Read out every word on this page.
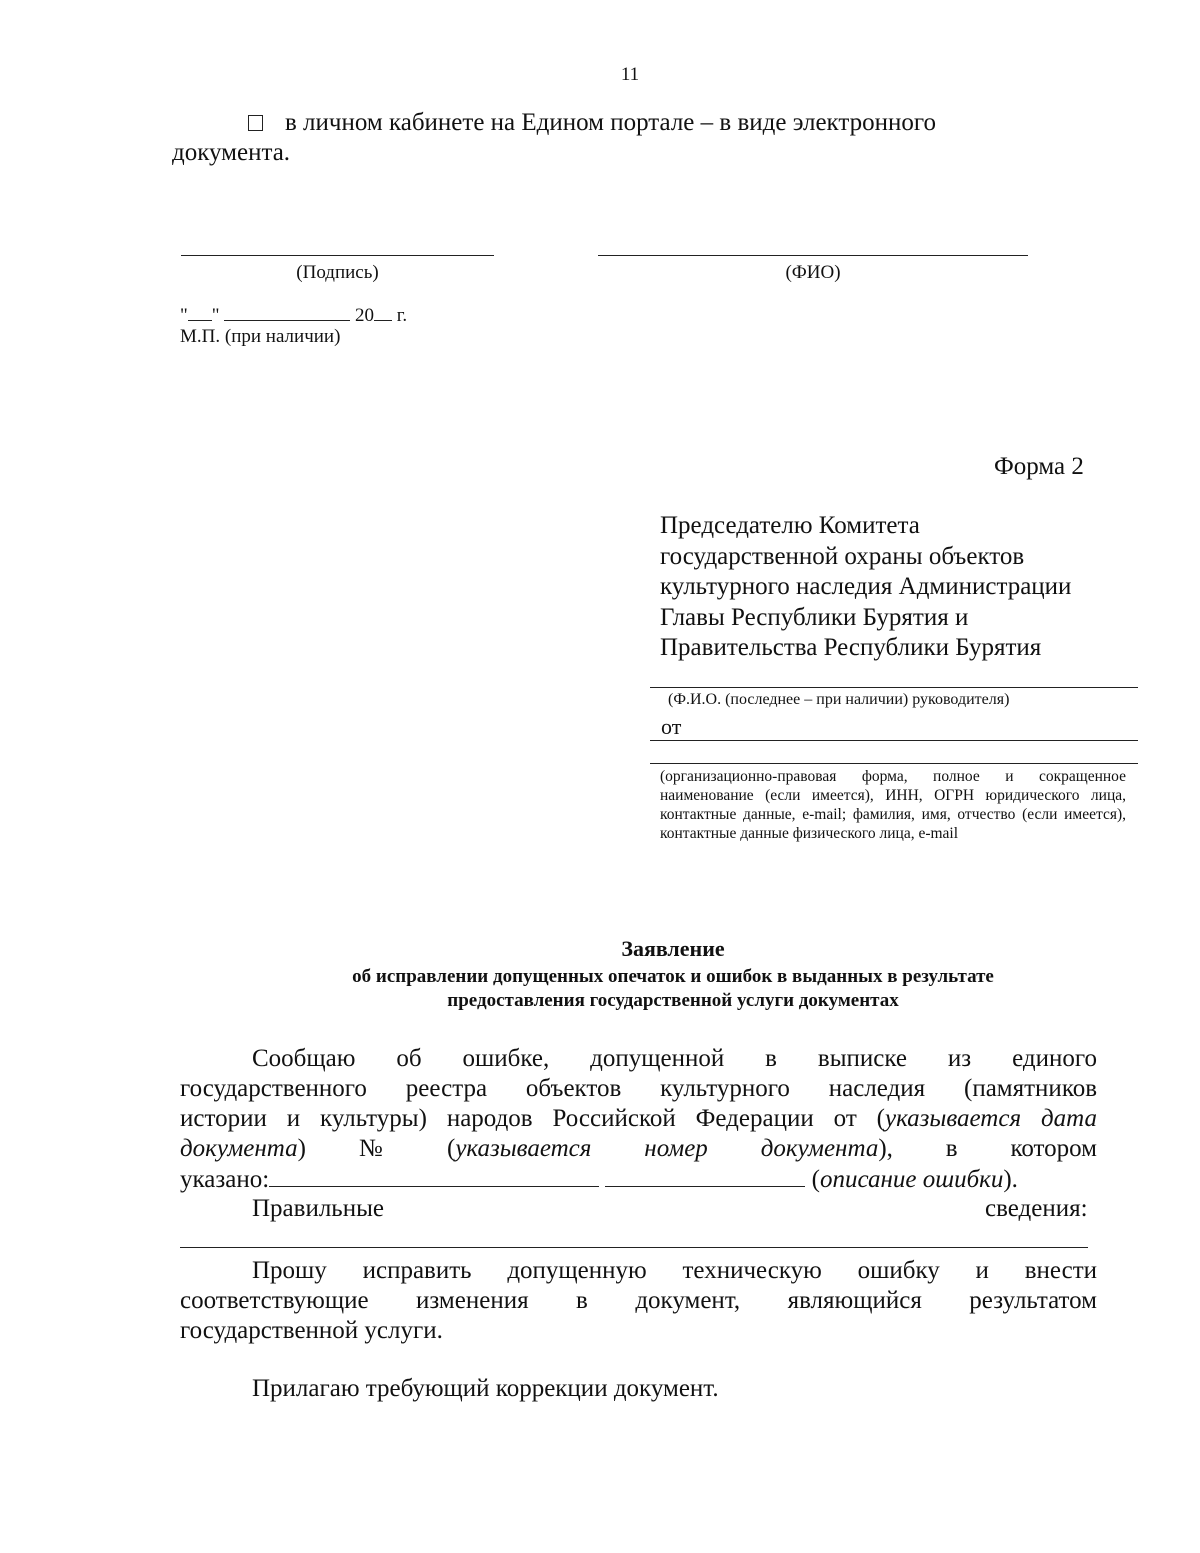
11
в личном кабинете на Едином портале – в виде электронного
документа.
(Подпись)	(ФИО)
" "	20 г.
М.П. (при наличии)
Форма 2
Председателю Комитета
государственной охраны объектов
культурного наследия Администрации
Главы Республики Бурятия и
Правительства Республики Бурятия
(Ф.И.О. (последнее – при наличии) руководителя)
от
(организационно-правовая форма, полное и сокращенное наименование (если имеется), ИНН, ОГРН юридического лица, контактные данные, e-mail; фамилия, имя, отчество (если имеется), контактные данные физического лица, e-mail
Заявление
об исправлении допущенных опечаток и ошибок в выданных в результате
предоставления государственной услуги документах
Сообщаю об ошибке, допущенной в выписке из единого
государственного реестра объектов культурного наследия (памятников
истории и культуры) народов Российской Федерации от (указывается дата
документа)   №   (указывается   номер   документа),   в   котором
указано:	(описание ошибки).
Правильные	сведения:
Прошу исправить допущенную техническую ошибку и внести
соответствующие изменения в документ, являющийся результатом
государственной услуги.
Прилагаю требующий коррекции документ.
